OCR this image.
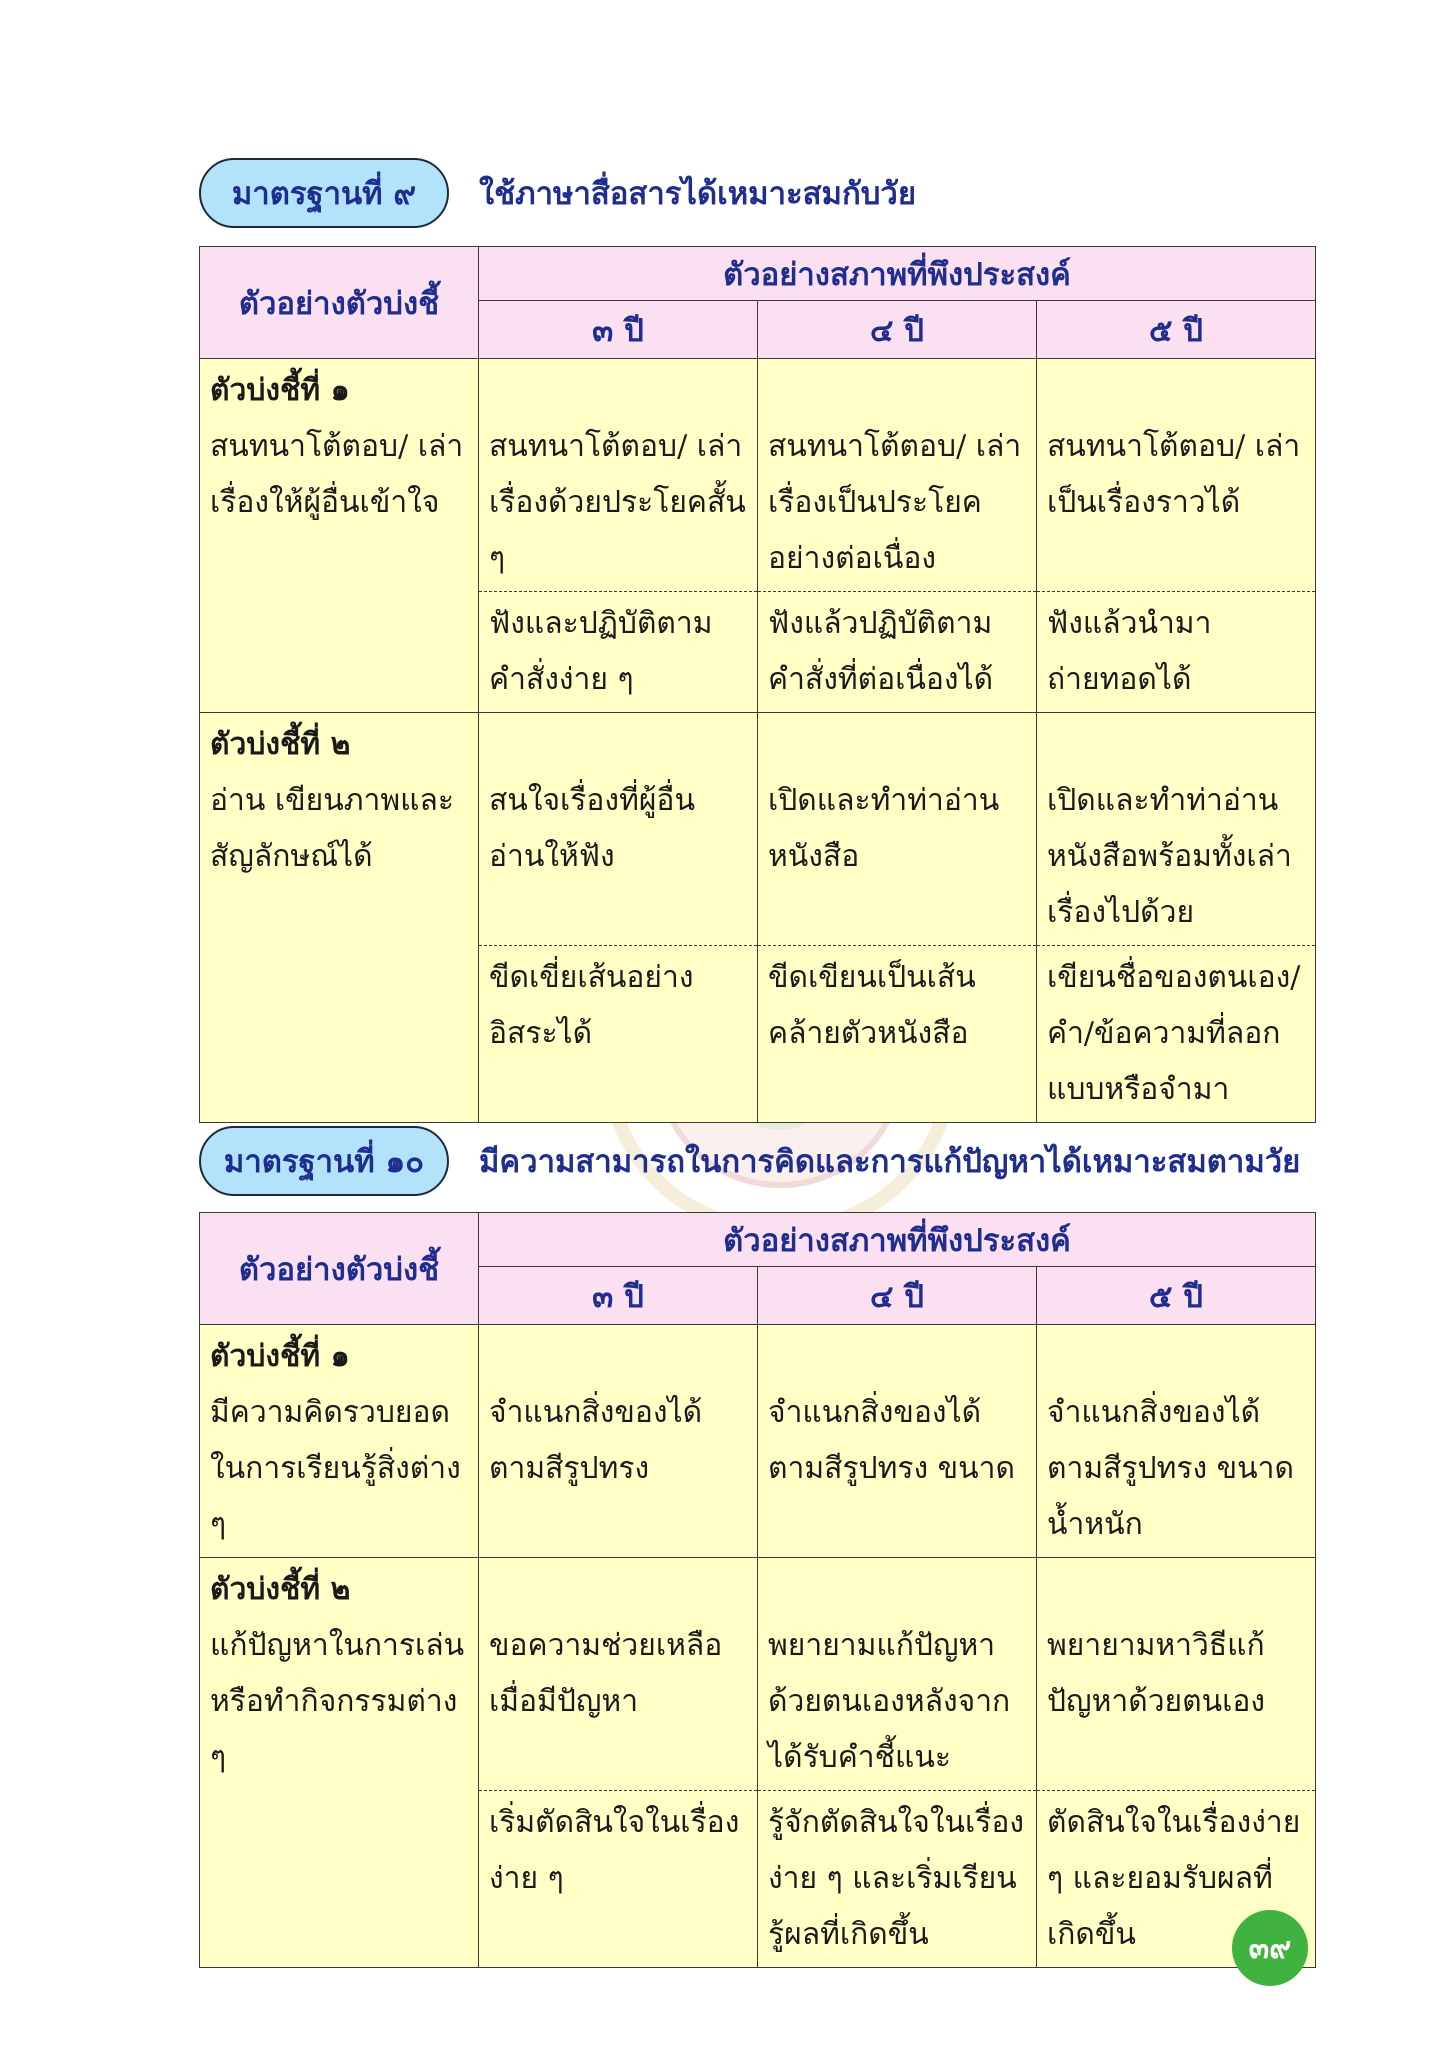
มาตรฐานที่ ๙	ใช้ภาษาสื่อสารได้เหมาะสมกับวัย
ตัวอย่างตัวบ่งชี้	ตัวอย่างสภาพที่พึงประสงค์		
	๓ ปี	๔ ปี	๕ ปี

ตัวบ่งชี้ที่ ๑
สนทนาโต้ตอบ/ เล่าเรื่องให้ผู้อื่นเข้าใจ	สนทนาโต้ตอบ/ เล่าเรื่องด้วยประโยคสั้น ๆ	สนทนาโต้ตอบ/ เล่าเรื่องเป็นประโยคอย่างต่อเนื่อง	สนทนาโต้ตอบ/ เล่าเป็นเรื่องราวได้

	ฟังและปฏิบัติตามคำสั่งง่าย ๆ	ฟังแล้วปฏิบัติตามคำสั่งที่ต่อเนื่องได้	ฟังแล้วนำมาถ่ายทอดได้

ตัวบ่งชี้ที่ ๒
อ่าน เขียนภาพและสัญลักษณ์ได้	สนใจเรื่องที่ผู้อื่นอ่านให้ฟัง	เปิดและทำท่าอ่านหนังสือ	เปิดและทำท่าอ่านหนังสือพร้อมทั้งเล่าเรื่องไปด้วย

	ขีดเขี่ยเส้นอย่างอิสระได้	ขีดเขียนเป็นเส้นคล้ายตัวหนังสือ	เขียนชื่อของตนเอง/ คำ/ข้อความที่ลอกแบบหรือจำมา
มาตรฐานที่ ๑๐	มีความสามารถในการคิดและการแก้ปัญหาได้เหมาะสมตามวัย
ตัวอย่างตัวบ่งชี้	ตัวอย่างสภาพที่พึงประสงค์		
	๓ ปี	๔ ปี	๕ ปี

ตัวบ่งชี้ที่ ๑
มีความคิดรวบยอดในการเรียนรู้สิ่งต่าง ๆ	จำแนกสิ่งของได้ตามสีรูปทรง	จำแนกสิ่งของได้ตามสีรูปทรง ขนาด	จำแนกสิ่งของได้ตามสีรูปทรง ขนาด น้ำหนัก

ตัวบ่งชี้ที่ ๒
แก้ปัญหาในการเล่นหรือทำกิจกรรมต่าง ๆ	ขอความช่วยเหลือเมื่อมีปัญหา	พยายามแก้ปัญหาด้วยตนเองหลังจากได้รับคำชี้แนะ	พยายามหาวิธีแก้ปัญหาด้วยตนเอง

	เริ่มตัดสินใจในเรื่องง่าย ๆ	รู้จักตัดสินใจในเรื่องง่าย ๆ และเริ่มเรียนรู้ผลที่เกิดขึ้น	ตัดสินใจในเรื่องง่าย ๆ และยอมรับผลที่เกิดขึ้น	๓๙
